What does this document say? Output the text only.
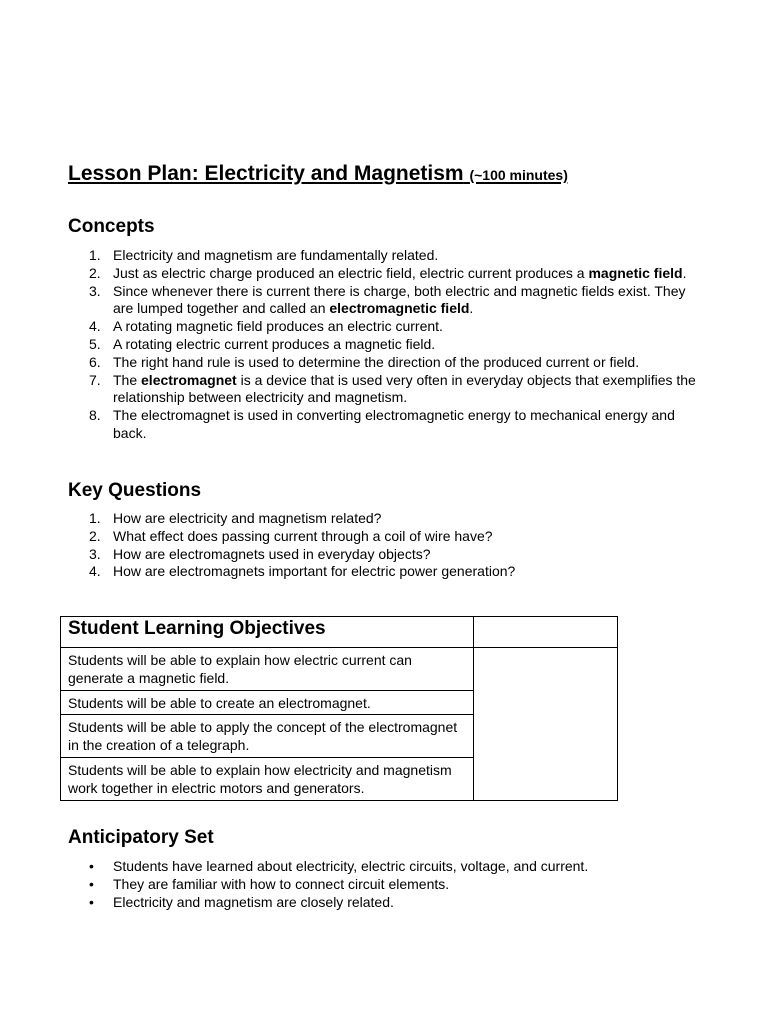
Lesson Plan: Electricity and Magnetism (~100 minutes)
Concepts
1. Electricity and magnetism are fundamentally related.
2. Just as electric charge produced an electric field, electric current produces a magnetic field.
3. Since whenever there is current there is charge, both electric and magnetic fields exist. They are lumped together and called an electromagnetic field.
4. A rotating magnetic field produces an electric current.
5. A rotating electric current produces a magnetic field.
6. The right hand rule is used to determine the direction of the produced current or field.
7. The electromagnet is a device that is used very often in everyday objects that exemplifies the relationship between electricity and magnetism.
8. The electromagnet is used in converting electromagnetic energy to mechanical energy and back.
Key Questions
1. How are electricity and magnetism related?
2. What effect does passing current through a coil of wire have?
3. How are electromagnets used in everyday objects?
4. How are electromagnets important for electric power generation?
Student Learning Objectives	
Students will be able to explain how electric current can generate a magnetic field.	
Students will be able to create an electromagnet.	
Students will be able to apply the concept of the electromagnet in the creation of a telegraph.	
Students will be able to explain how electricity and magnetism work together in electric motors and generators.	
Anticipatory Set
•	Students have learned about electricity, electric circuits, voltage, and current.
•	They are familiar with how to connect circuit elements.
•	Electricity and magnetism are closely related.
